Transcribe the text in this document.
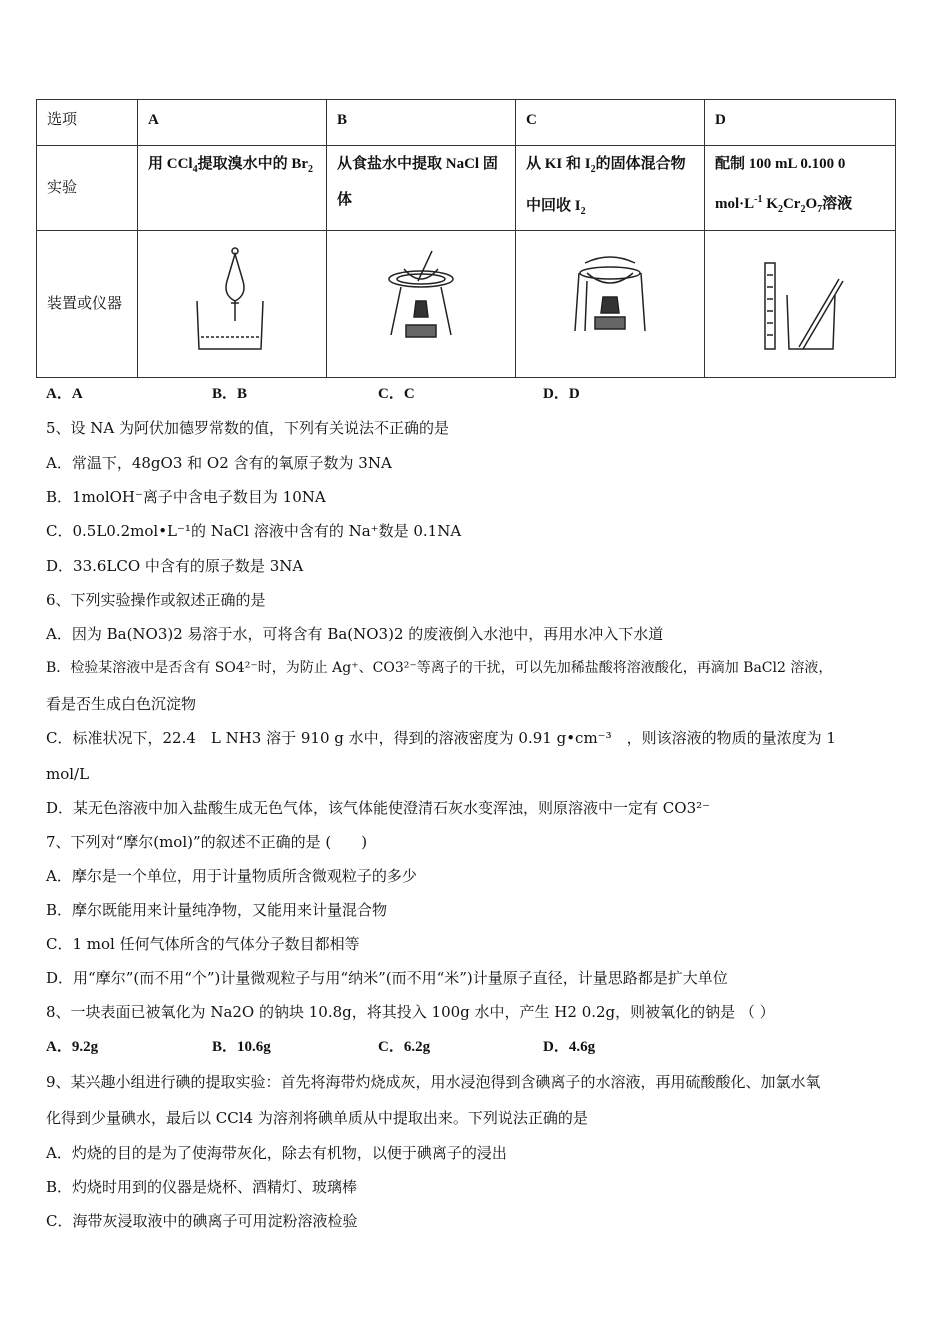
选项	A	B	C	D
实验	用 CCl$_4$提取溴水中的 $Br_2$	从食盐水中提取 NaCl 固体	从 KI 和 $I_2$的固体混合物中回收 $I_2$	配制 100 mL 0.100 0 $mol\cdot L^{-1}$ $K_2Cr_2O_7$溶液
装置或仪器	

A．A	B．B	C．C	D．D
5、设 NA 为阿伏加德罗常数的值，下列有关说法不正确的是
A．常温下，48gO3 和 O2 含有的氧原子数为 3NA
B．1molOH⁻离子中含电子数目为 10NA
C．0.5L0.2mol•L⁻¹的 NaCl 溶液中含有的 Na⁺数是 0.1NA
D．33.6LCO 中含有的原子数是 3NA
6、下列实验操作或叙述正确的是
A．因为 Ba(NO3)2 易溶于水，可将含有 Ba(NO3)2 的废液倒入水池中，再用水冲入下水道
B．检验某溶液中是否含有 SO4²⁻时，为防止 Ag⁺、CO3²⁻等离子的干扰，可以先加稀盐酸将溶液酸化，再滴加 BaCl2 溶液，
看是否生成白色沉淀物
C．标准状况下，22.4　L NH3 溶于 910 g 水中，得到的溶液密度为 0.91 g•cm⁻³　，则该溶液的物质的量浓度为 1
mol/L
D．某无色溶液中加入盐酸生成无色气体，该气体能使澄清石灰水变浑浊，则原溶液中一定有 CO3²⁻
7、下列对“摩尔(mol)”的叙述不正确的是 (　　)
A．摩尔是一个单位，用于计量物质所含微观粒子的多少
B．摩尔既能用来计量纯净物，又能用来计量混合物
C．1 mol 任何气体所含的气体分子数目都相等
D．用“摩尔”(而不用“个”)计量微观粒子与用“纳米”(而不用“米”)计量原子直径，计量思路都是扩大单位
8、一块表面已被氧化为 Na2O 的钠块 10.8g，将其投入 100g 水中，产生 H2 0.2g，则被氧化的钠是 （ ）
A．9.2g	B．10.6g	C．6.2g	D．4.6g
9、某兴趣小组进行碘的提取实验：首先将海带灼烧成灰，用水浸泡得到含碘离子的水溶液，再用硫酸酸化、加氯水氧
化得到少量碘水，最后以 CCl4 为溶剂将碘单质从中提取出来。下列说法正确的是
A．灼烧的目的是为了使海带灰化，除去有机物，以便于碘离子的浸出
B．灼烧时用到的仪器是烧杯、酒精灯、玻璃棒
C．海带灰浸取液中的碘离子可用淀粉溶液检验
